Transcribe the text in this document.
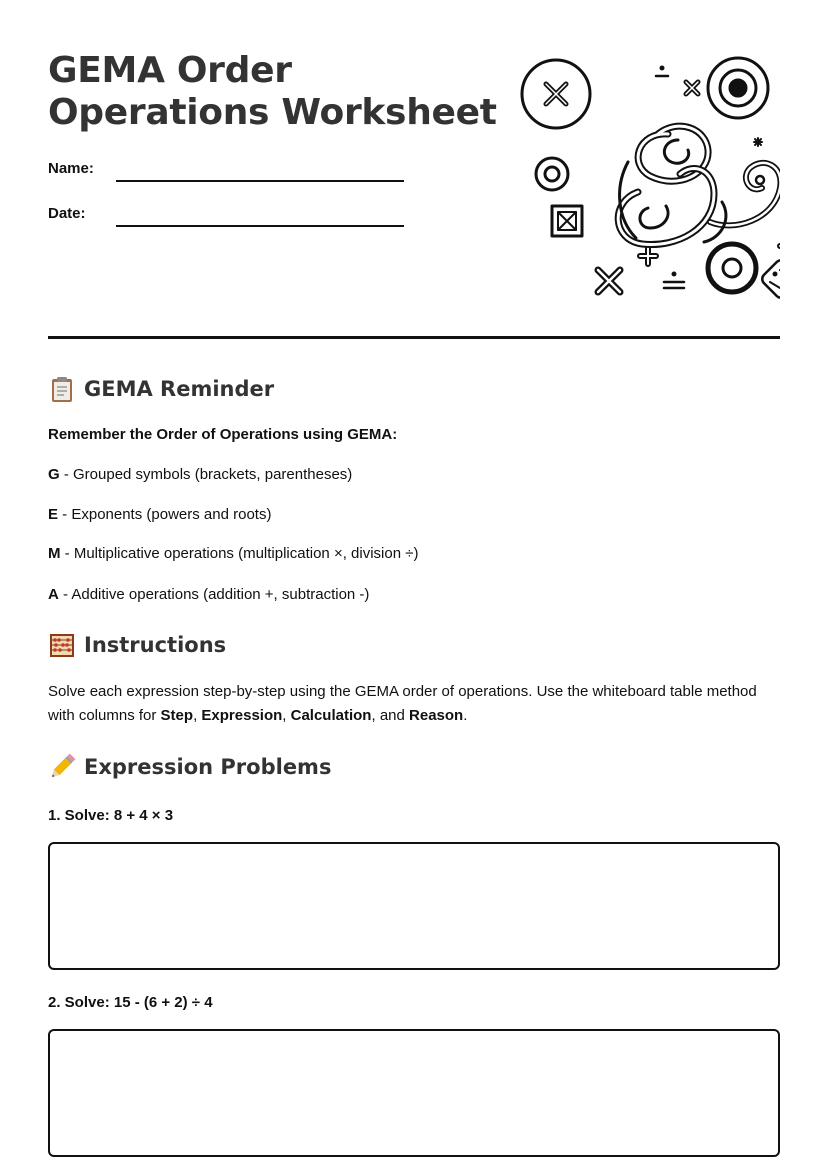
GEMA Order Operations Worksheet
Name:
Date:
GEMA Reminder
Remember the Order of Operations using GEMA:
G - Grouped symbols (brackets, parentheses)
E - Exponents (powers and roots)
M - Multiplicative operations (multiplication ×, division ÷)
A - Additive operations (addition +, subtraction -)
Instructions

Solve each expression step-by-step using the GEMA order of operations. Use the whiteboard table method with columns for Step, Expression, Calculation, and Reason.

Expression Problems
1. Solve: 8 + 4 × 3
2. Solve: 15 - (6 + 2) ÷ 4
